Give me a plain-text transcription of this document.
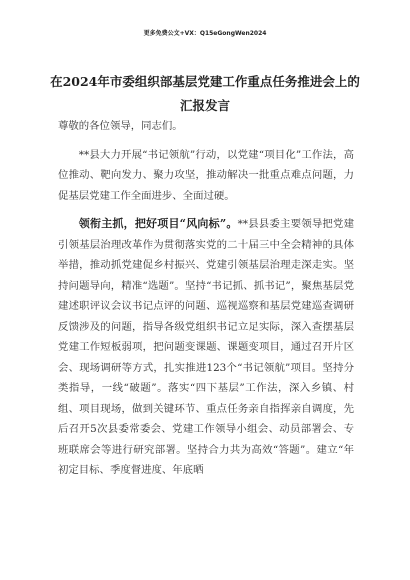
更多免费公文+VX：Q15eGongWen2024
在2024年市委组织部基层党建工作重点任务推进会上的汇报发言

尊敬的各位领导，同志们。

**县大力开展“书记领航”行动，以党建“项目化”工作法，高位推动、靶向发力、聚力攻坚，推动解决一批重点难点问题，力促基层党建工作全面进步、全面过硬。

领衔主抓，把好项目“风向标”。**县县委主要领导把党建引领基层治理改革作为贯彻落实党的二十届三中全会精神的具体举措，推动抓党建促乡村振兴、党建引领基层治理走深走实。坚持问题导向，精准“选题”。坚持“书记抓、抓书记”，聚焦基层党建述职评议会议书记点评的问题、巡视巡察和基层党建巡查调研反馈涉及的问题，指导各级党组织书记立足实际，深入查摆基层党建工作短板弱项，把问题变课题、课题变项目，通过召开片区会、现场调研等方式，扎实推进123个“书记领航”项目。坚持分类指导，一线“破题”。落实“四下基层”工作法，深入乡镇、村组、项目现场，做到关键环节、重点任务亲自指挥亲自调度，先后召开5次县委常委会、党建工作领导小组会、动员部署会、专班联席会等进行研究部署。坚持合力共为高效“答题”。建立“年初定目标、季度督进度、年底晒
